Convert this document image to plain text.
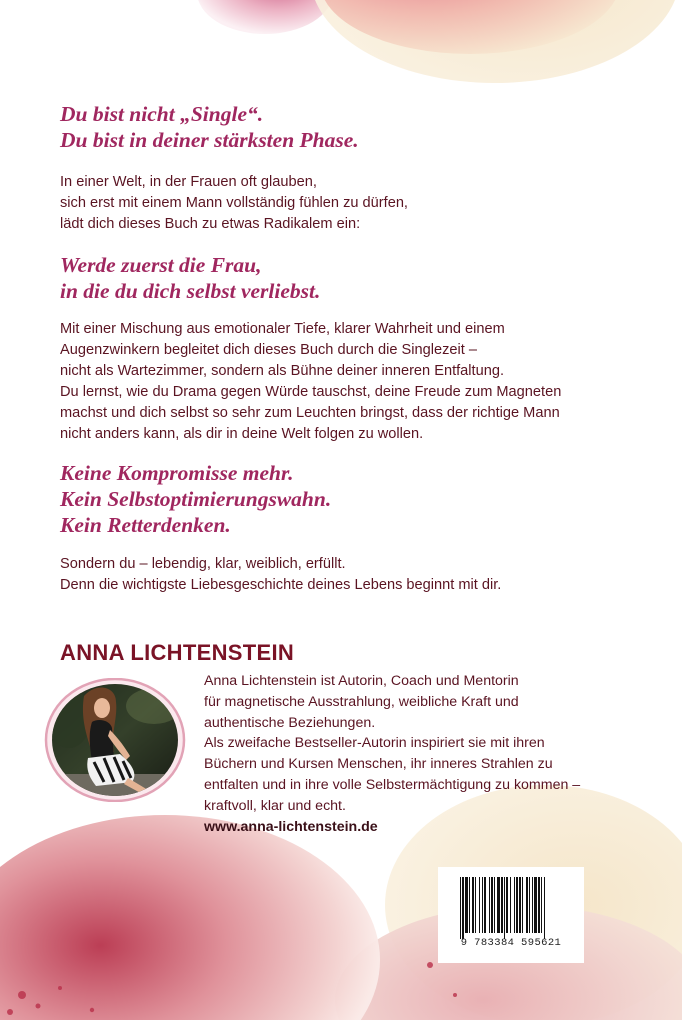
Du bist nicht „Single“.
Du bist in deiner stärksten Phase.

In einer Welt, in der Frauen oft glauben,
sich erst mit einem Mann vollständig fühlen zu dürfen,
lädt dich dieses Buch zu etwas Radikalem ein:

Werde zuerst die Frau,
in die du dich selbst verliebst.

Mit einer Mischung aus emotionaler Tiefe, klarer Wahrheit und einem
Augenzwinkern begleitet dich dieses Buch durch die Singlezeit –
nicht als Wartezimmer, sondern als Bühne deiner inneren Entfaltung.
Du lernst, wie du Drama gegen Würde tauschst, deine Freude zum Magneten
machst und dich selbst so sehr zum Leuchten bringst, dass der richtige Mann
nicht anders kann, als dir in deine Welt folgen zu wollen.

Keine Kompromisse mehr.
Kein Selbstoptimierungswahn.
Kein Retterdenken.

Sondern du – lebendig, klar, weiblich, erfüllt.
Denn die wichtigste Liebesgeschichte deines Lebens beginnt mit dir.

ANNA LICHTENSTEIN
Anna Lichtenstein ist Autorin, Coach und Mentorin
für magnetische Ausstrahlung, weibliche Kraft und
authentische Beziehungen.
Als zweifache Bestseller-Autorin inspiriert sie mit ihren
Büchern und Kursen Menschen, ihr inneres Strahlen zu
entfalten und in ihre volle Selbstermächtigung zu kommen –
kraftvoll, klar und echt.
www.anna-lichtenstein.de
9 783384 595621
